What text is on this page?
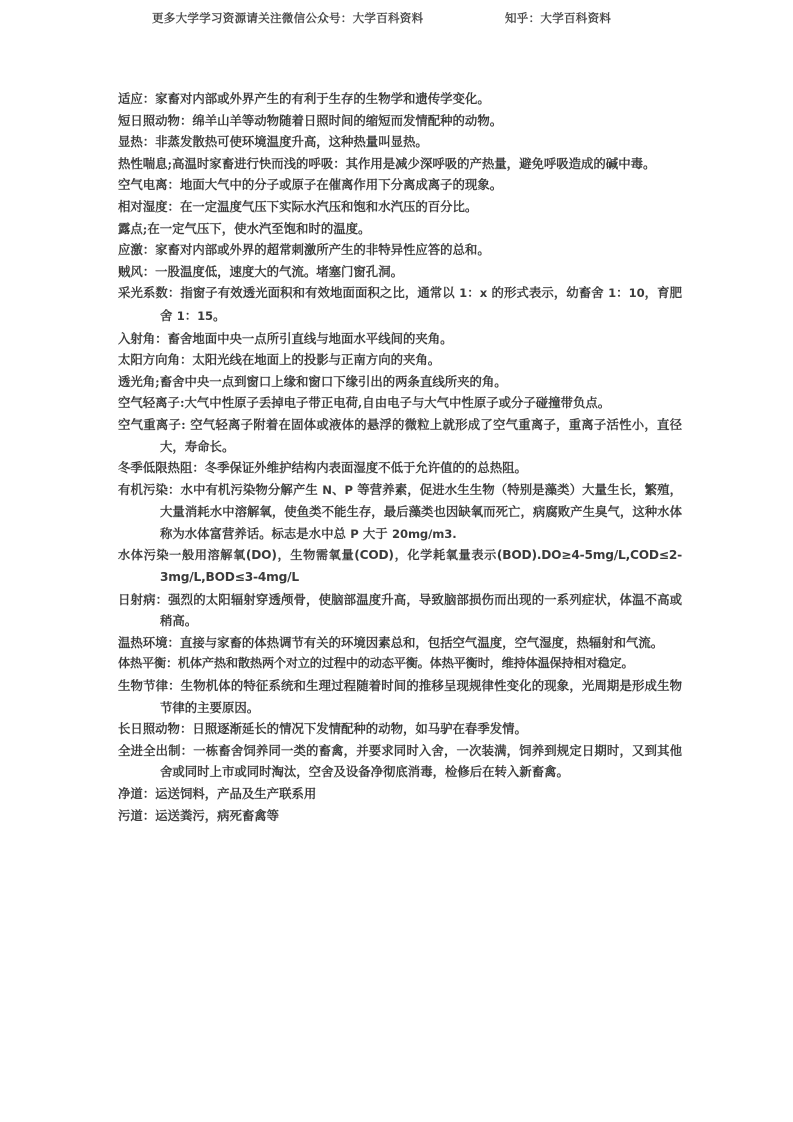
更多大学学习资源请关注微信公众号：大学百科资料	知乎：大学百科资料

适应：家畜对内部或外界产生的有利于生存的生物学和遗传学变化。

短日照动物：绵羊山羊等动物随着日照时间的缩短而发情配种的动物。

显热：非蒸发散热可使环境温度升高，这种热量叫显热。

热性喘息;高温时家畜进行快而浅的呼吸：其作用是减少深呼吸的产热量，避免呼吸造成的碱中毒。

空气电离：地面大气中的分子或原子在催离作用下分离成离子的现象。

相对湿度：在一定温度气压下实际水汽压和饱和水汽压的百分比。

露点;在一定气压下，使水汽至饱和时的温度。

应激：家畜对内部或外界的超常刺激所产生的非特异性应答的总和。

贼风：一股温度低，速度大的气流。堵塞门窗孔洞。

采光系数：指窗子有效透光面积和有效地面面积之比，通常以 1：x 的形式表示，幼畜舍 1：10，育肥舍 1：15。

入射角：畜舍地面中央一点所引直线与地面水平线间的夹角。

太阳方向角：太阳光线在地面上的投影与正南方向的夹角。

透光角;畜舍中央一点到窗口上缘和窗口下缘引出的两条直线所夹的角。

空气轻离子:大气中性原子丢掉电子带正电荷,自由电子与大气中性原子或分子碰撞带负点。

空气重离子: 空气轻离子附着在固体或液体的悬浮的微粒上就形成了空气重离子，重离子活性小，直径大，寿命长。

冬季低限热阻：冬季保证外维护结构内表面湿度不低于允许值的的总热阻。

有机污染：水中有机污染物分解产生 N、P 等营养素，促进水生生物（特别是藻类）大量生长，繁殖，大量消耗水中溶解氧，使鱼类不能生存，最后藻类也因缺氧而死亡，病腐败产生臭气，这种水体称为水体富营养话。标志是水中总 P 大于 20mg/m3.

水体污染一般用溶解氧(DO)，生物需氧量(COD)，化学耗氧量表示(BOD).DO≥4-5mg/L,COD≤2-3mg/L,BOD≤3-4mg/L

日射病：强烈的太阳辐射穿透颅骨，使脑部温度升高，导致脑部损伤而出现的一系列症状，体温不高或稍高。

温热环境：直接与家畜的体热调节有关的环境因素总和，包括空气温度，空气湿度，热辐射和气流。

体热平衡：机体产热和散热两个对立的过程中的动态平衡。体热平衡时，维持体温保持相对稳定。

生物节律：生物机体的特征系统和生理过程随着时间的推移呈现规律性变化的现象，光周期是形成生物节律的主要原因。

长日照动物：日照逐渐延长的情况下发情配种的动物，如马驴在春季发情。

全进全出制：一栋畜舍饲养同一类的畜禽，并要求同时入舍，一次装满，饲养到规定日期时，又到其他舍或同时上市或同时淘汰，空舍及设备净彻底消毒，检修后在转入新畜禽。

净道：运送饲料，产品及生产联系用

污道：运送粪污，病死畜禽等
